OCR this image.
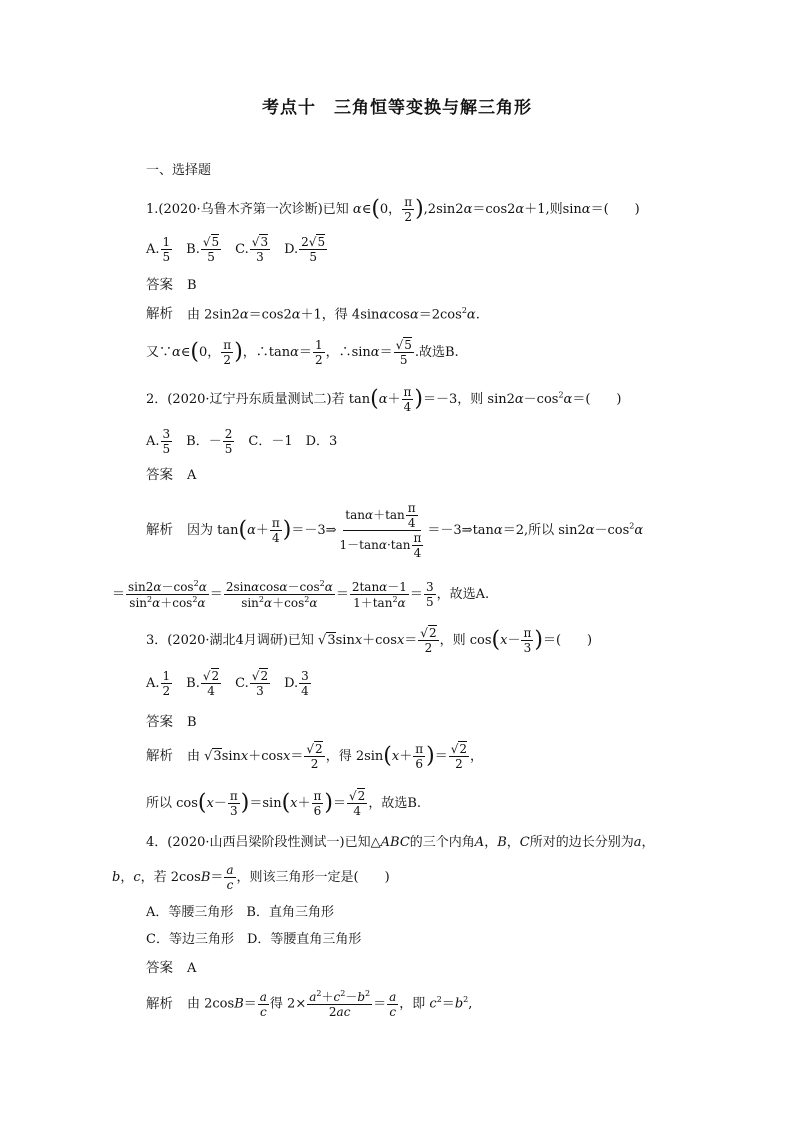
考点十　三角恒等变换与解三角形
一、选择题
1.(2020·乌鲁木齐第一次诊断)已知 α∈(0， $\frac{\pi}{2} ),2\sin 2\alpha=\cos 2\alpha+1$,则sinα＝(　　)
A. $\frac{1}{5}$ 　B. $\frac{√5}{5}$ 　C. $\frac{√3}{3}$ 　D. $\frac{2√5}{5}$
答案 B
解析 由 2sin2α＝cos2α＋1，得 $4\sin\alpha\cos\alpha=2\cos^2\alpha$.
又∵α∈(0， $\frac{\pi}{2}$ )，∴tanα＝ $\frac{1}{2}$ ，∴sinα＝ $\frac{√5}{5}$ .故选B.
2．(2020·辽宁丹东质量测试二)若 $\tan(\alpha+ \frac{\pi}{4} )=-3$，则 $\sin 2\alpha-\cos^2\alpha=$(　　)
A. $\frac{3}{5}$ 　B．－ $\frac{2}{5}$ 　C．－1　D．3
答案 A
解析 因为 $\tan(\alpha+ \frac{\pi}{4}$ )＝－3⇒ $\frac{\tan\alpha+\tan \frac{\pi}{4}}{1-\tan\alpha\cdot\tan \frac{\pi}{4}}$ ＝－3⇒tanα＝2,所以 $\sin 2\alpha-\cos^2\alpha$
＝ $\frac{\sin 2\alpha-\cos^2\alpha}{\sin^2\alpha+\cos^2\alpha} = \frac{2\sin\alpha\cos\alpha-\cos^2\alpha}{\sin^2\alpha+\cos^2\alpha} = \frac{2\tan\alpha-1}{1+\tan^2\alpha} = \frac{3}{5}$ ，故选A.
3．(2020·湖北4月调研)已知 $√3\sin x+\cos x= \frac{√2}{2}$ ，则 $\cos(x- \frac{\pi}{3}$ )＝(　　)
A. $\frac{1}{2}$ 　B. $\frac{√2}{4}$ 　C. $\frac{√2}{3}$ 　D. $\frac{3}{4}$
答案 B
解析 由 $√3\sin x+\cos x= \frac{√2}{2}$ ，得 $2\sin(x+ \frac{\pi}{6}$ )＝ $\frac{√2}{2}$ ，
所以 $\cos(x- \frac{\pi}{3} )=\sin(x+ \frac{\pi}{6}$ )＝ $\frac{√2}{4}$ ，故选B.
4．(2020·山西吕梁阶段性测试一)已知△ABC的三个内角A，B，C所对的边长分别为a，
b，c，若 $2\cos B= \frac{a}{c}$ ，则该三角形一定是(　　)
A．等腰三角形　B．直角三角形
C．等边三角形　D．等腰直角三角形
答案 A
解析 由 $2\cos B= \frac{a}{c}$ 得 $2\times \frac{a^2+c^2-b^2}{2ac} = \frac{a}{c}$ ，即 $c^2=b^2$,
